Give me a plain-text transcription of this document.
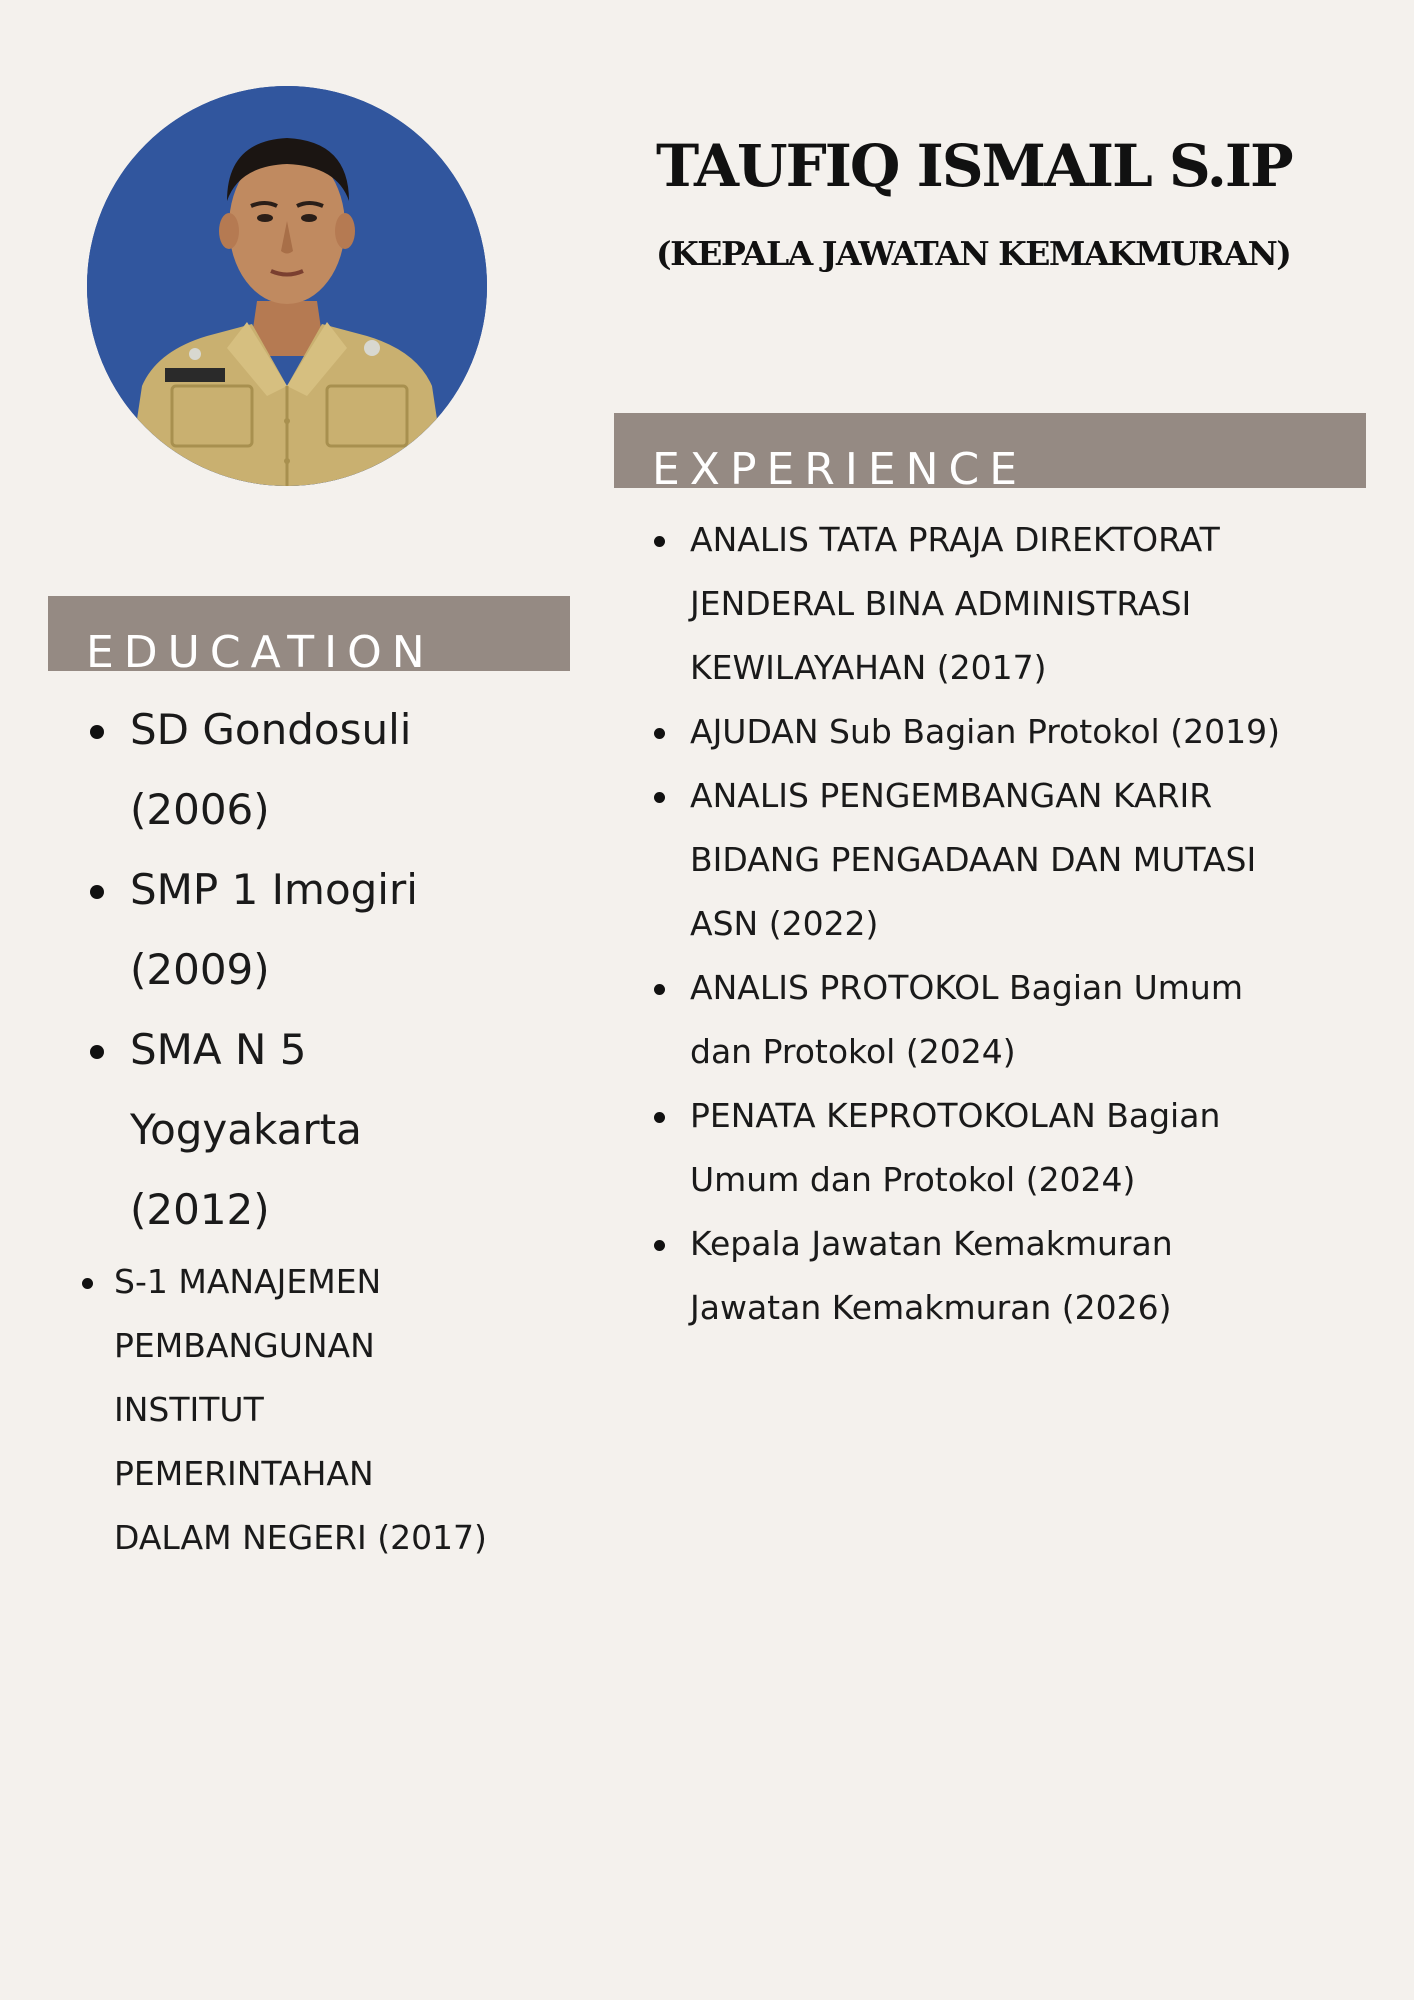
TAUFIQ ISMAIL S.IP
(KEPALA JAWATAN KEMAKMURAN)
EXPERIENCE
ANALIS TATA PRAJA DIREKTORAT JENDERAL BINA ADMINISTRASI KEWILAYAHAN (2017)
AJUDAN Sub Bagian Protokol (2019)
ANALIS PENGEMBANGAN KARIR BIDANG PENGADAAN DAN MUTASI ASN (2022)
ANALIS PROTOKOL Bagian Umum dan Protokol (2024)
PENATA KEPROTOKOLAN Bagian Umum dan Protokol (2024)
Kepala Jawatan Kemakmuran Jawatan Kemakmuran (2026)
EDUCATION
SD Gondosuli (2006)
SMP 1 Imogiri (2009)
SMA N 5 Yogyakarta (2012)
S-1 MANAJEMEN PEMBANGUNAN INSTITUT PEMERINTAHAN DALAM NEGERI (2017)
